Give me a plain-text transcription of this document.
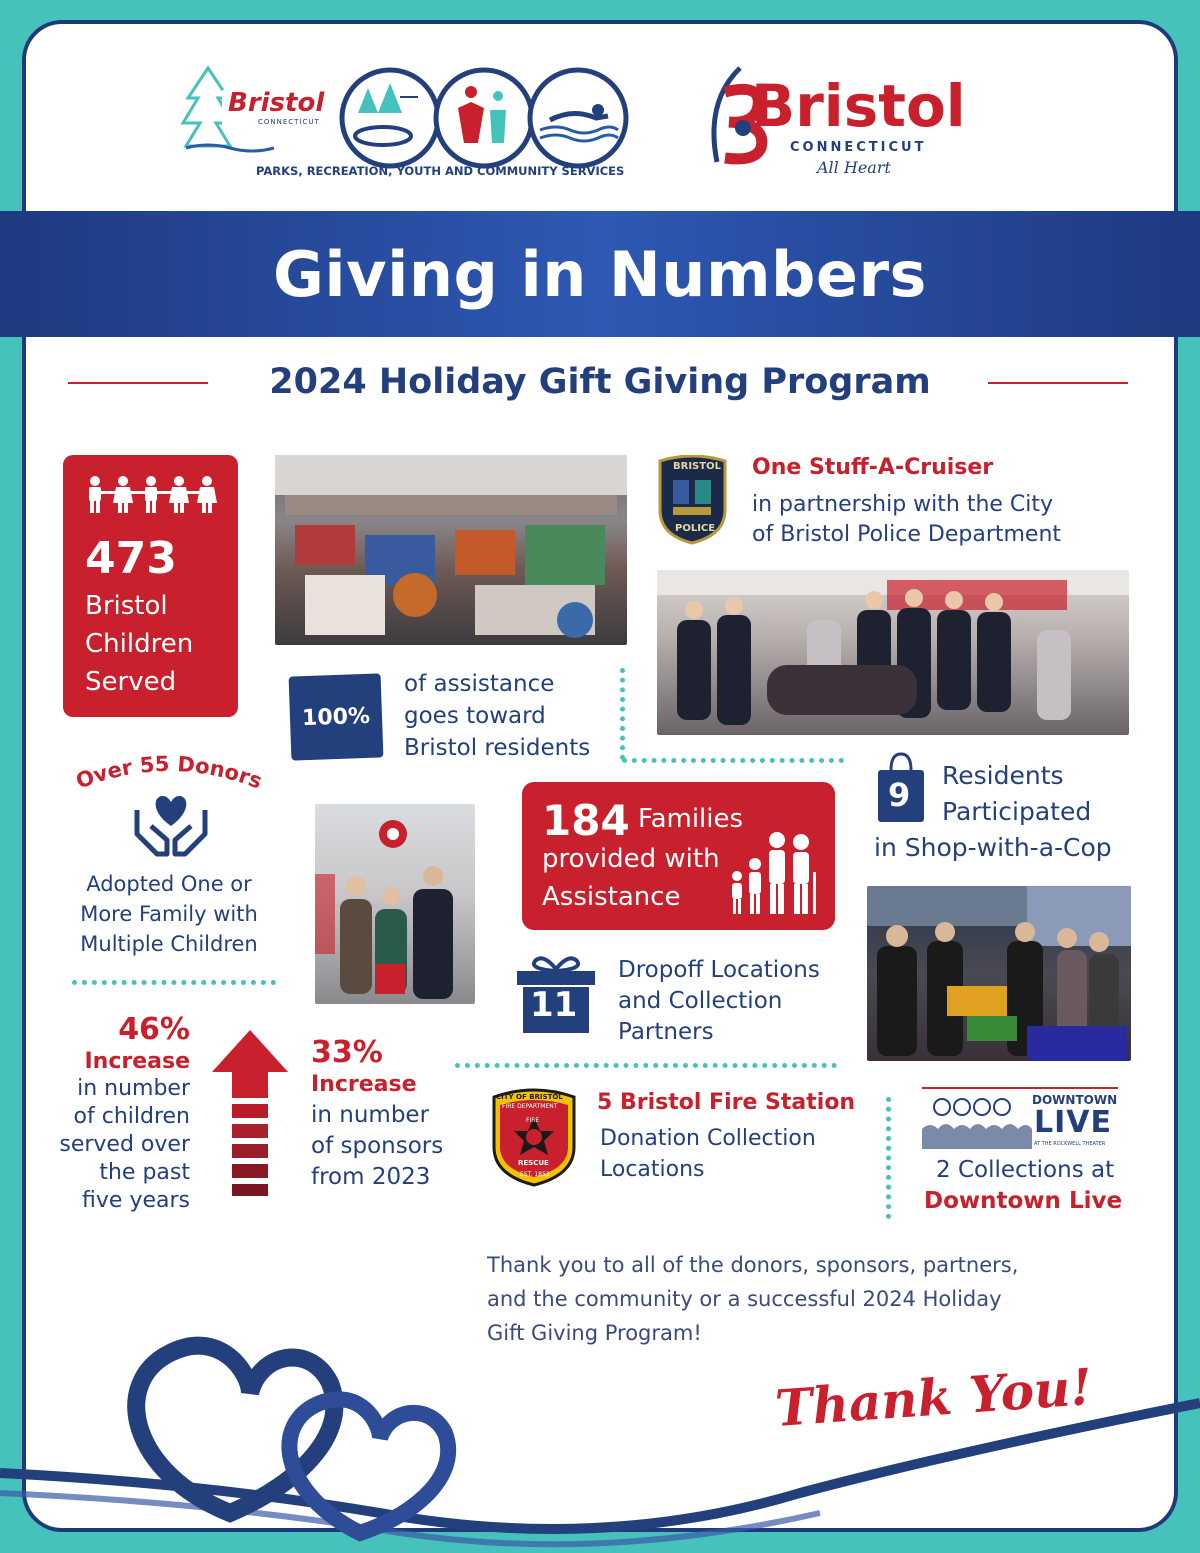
Bristol
CONNECTICUT
PARKS, RECREATION, YOUTH AND COMMUNITY SERVICES
Bristol
CONNECTICUT
All Heart
Giving in Numbers
2024 Holiday Gift Giving Program
473
Bristol
Children
Served
BRISTOL
POLICE
One Stuff-A-Cruiser
in partnership with the City
of Bristol Police Department
100%
of assistance
goes toward
Bristol residents
Over 55 Donors
Adopted One or
More Family with
Multiple Children
184 Families
provided with
Assistance
9
Residents
Participated
in Shop-with-a-Cop
11
Dropoff Locations
and Collection
Partners
46%
Increase
in number
of children
served over
the past
five years
33%
Increase
in number
of sponsors
from 2023
CITY OF BRISTOL
FIRE DEPARTMENT
FIRE
RESCUE
EST. 1853
5 Bristol Fire Station
Donation Collection
Locations
DOWNTOWN
LIVE
AT THE ROCKWELL THEATER
2 Collections at
Downtown Live
Thank you to all of the donors, sponsors, partners,
and the community or a successful 2024 Holiday
Gift Giving Program!
Thank You!
